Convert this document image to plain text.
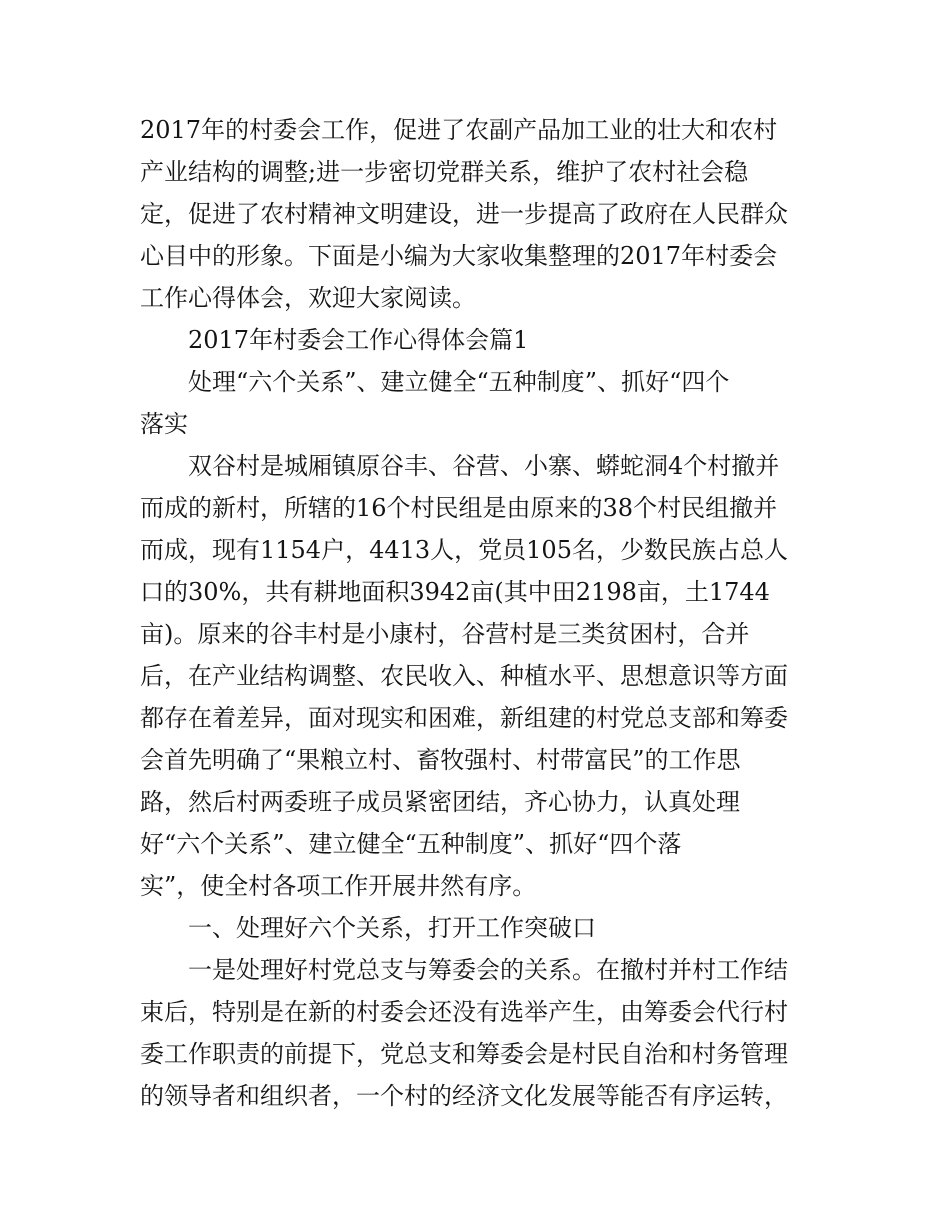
2017年的村委会工作，促进了农副产品加工业的壮大和农村

产业结构的调整;进一步密切党群关系，维护了农村社会稳

定，促进了农村精神文明建设，进一步提高了政府在人民群众

心目中的形象。下面是小编为大家收集整理的2017年村委会

工作心得体会，欢迎大家阅读。

2017年村委会工作心得体会篇1

处理“六个关系”、建立健全“五种制度”、抓好“四个

落实

双谷村是城厢镇原谷丰、谷营、小寨、蟒蛇洞4个村撤并

而成的新村，所辖的16个村民组是由原来的38个村民组撤并

而成，现有1154户，4413人，党员105名，少数民族占总人

口的30%，共有耕地面积3942亩(其中田2198亩，土1744

亩)。原来的谷丰村是小康村，谷营村是三类贫困村，合并

后，在产业结构调整、农民收入、种植水平、思想意识等方面

都存在着差异，面对现实和困难，新组建的村党总支部和筹委

会首先明确了“果粮立村、畜牧强村、村带富民”的工作思

路，然后村两委班子成员紧密团结，齐心协力，认真处理

好“六个关系”、建立健全“五种制度”、抓好“四个落

实”，使全村各项工作开展井然有序。

一、处理好六个关系，打开工作突破口

一是处理好村党总支与筹委会的关系。在撤村并村工作结

束后，特别是在新的村委会还没有选举产生，由筹委会代行村

委工作职责的前提下，党总支和筹委会是村民自治和村务管理

的领导者和组织者，一个村的经济文化发展等能否有序运转，
